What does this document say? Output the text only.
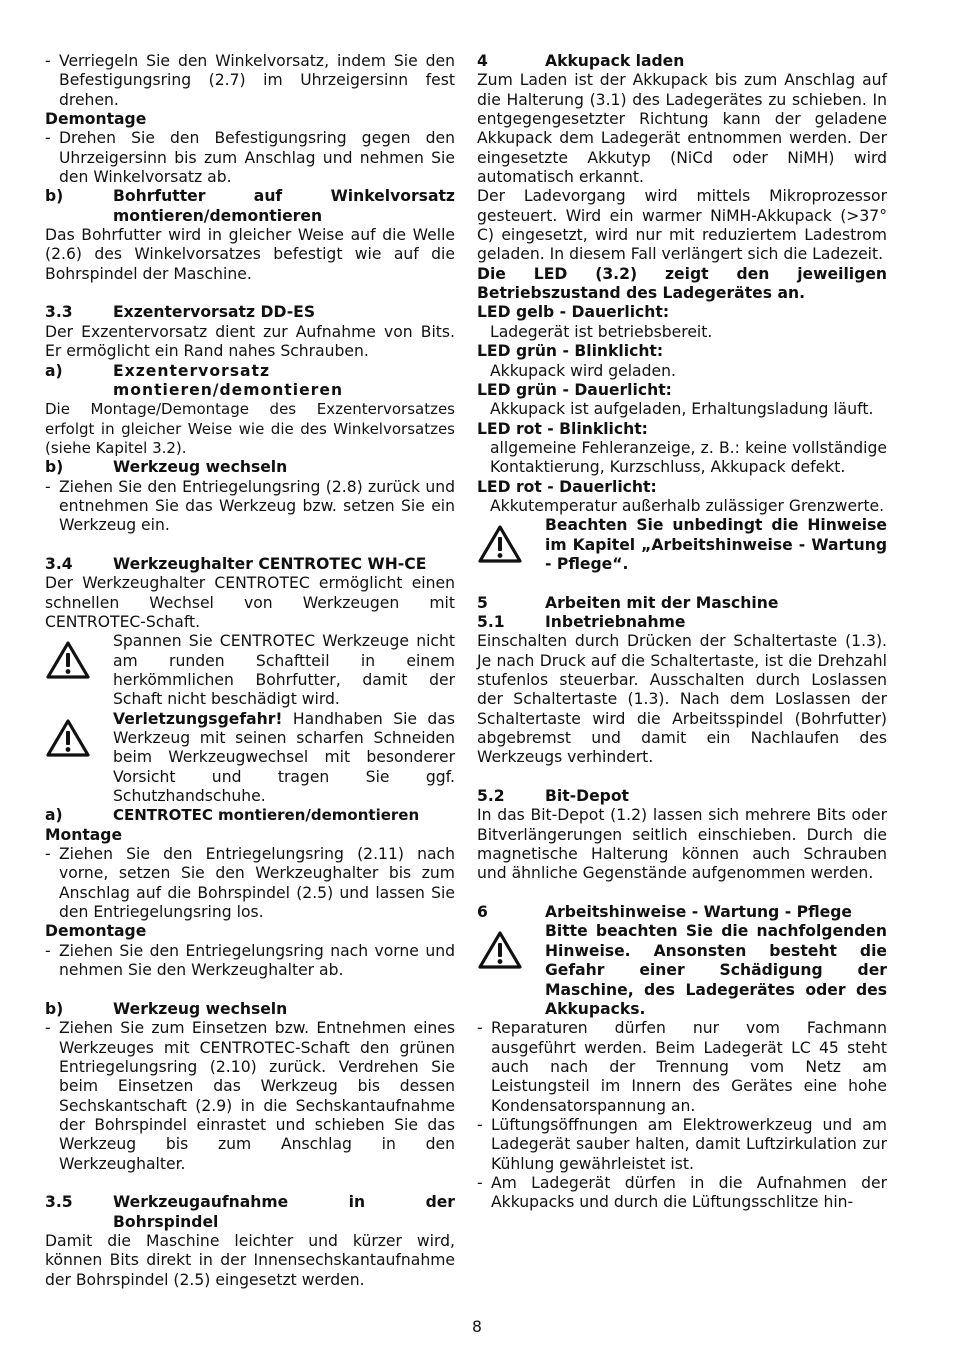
- Verriegeln Sie den Winkelvorsatz, indem Sie den Befestigungsring (2.7) im Uhrzeigersinn fest drehen.

Demontage

- Drehen Sie den Befestigungsring gegen den Uhrzeigersinn bis zum Anschlag und nehmen Sie den Winkelvorsatz ab.

b)	Bohrfutter auf Winkelvorsatz montieren/demontieren

Das Bohrfutter wird in gleicher Weise auf die Welle (2.6) des Winkelvorsatzes befestigt wie auf die Bohrspindel der Maschine.

3.3	Exzentervorsatz DD-ES

Der Exzentervorsatz dient zur Aufnahme von Bits. Er ermöglicht ein Rand nahes Schrauben.

a)	Exzentervorsatz montieren/demontieren

Die Montage/Demontage des Exzentervorsatzes erfolgt in gleicher Weise wie die des Winkelvorsatzes (siehe Kapitel 3.2).

b)	Werkzeug wechseln

- Ziehen Sie den Entriegelungsring (2.8) zurück und entnehmen Sie das Werkzeug bzw. setzen Sie ein Werkzeug ein.

3.4	Werkzeughalter CENTROTEC WH-CE

Der Werkzeughalter CENTROTEC ermöglicht einen schnellen Wechsel von Werkzeugen mit CENTROTEC-Schaft.

Spannen Sie CENTROTEC Werkzeuge nicht am runden Schaftteil in einem herkömmlichen Bohrfutter, damit der Schaft nicht beschädigt wird.
Verletzungsgefahr! Handhaben Sie das Werkzeug mit seinen scharfen Schneiden beim Werkzeugwechsel mit besonderer Vorsicht und tragen Sie ggf. Schutzhandschuhe.
a)	CENTROTEC montieren/demontieren

Montage

- Ziehen Sie den Entriegelungsring (2.11) nach vorne, setzen Sie den Werkzeughalter bis zum Anschlag auf die Bohrspindel (2.5) und lassen Sie den Entriegelungsring los.

Demontage

- Ziehen Sie den Entriegelungsring nach vorne und nehmen Sie den Werkzeughalter ab.

b)	Werkzeug wechseln

- Ziehen Sie zum Einsetzen bzw. Entnehmen eines Werkzeuges mit CENTROTEC-Schaft den grünen Entriegelungsring (2.10) zurück. Verdrehen Sie beim Einsetzen das Werkzeug bis dessen Sechskantschaft (2.9) in die Sechskantaufnahme der Bohrspindel einrastet und schieben Sie das Werkzeug bis zum Anschlag in den Werkzeughalter.

3.5	Werkzeugaufnahme in der Bohrspindel

Damit die Maschine leichter und kürzer wird, können Bits direkt in der Innensechskantaufnahme der Bohrspindel (2.5) eingesetzt werden.

4	Akkupack laden

Zum Laden ist der Akkupack bis zum Anschlag auf die Halterung (3.1) des Ladegerätes zu schieben. In entgegengesetzter Richtung kann der geladene Akkupack dem Ladegerät entnommen werden. Der eingesetzte Akkutyp (NiCd oder NiMH) wird automatisch erkannt.

Der Ladevorgang wird mittels Mikroprozessor gesteuert. Wird ein warmer NiMH-Akkupack (>37° C) eingesetzt, wird nur mit reduziertem Ladestrom geladen. In diesem Fall verlängert sich die Ladezeit.

Die LED (3.2) zeigt den jeweiligen Betriebszustand des Ladegerätes an.

LED gelb - Dauerlicht:

Ladegerät ist betriebsbereit.

LED grün - Blinklicht:

Akkupack wird geladen.

LED grün - Dauerlicht:

Akkupack ist aufgeladen, Erhaltungsladung läuft.

LED rot - Blinklicht:

allgemeine Fehleranzeige, z. B.: keine vollständige Kontaktierung, Kurzschluss, Akkupack defekt.

LED rot - Dauerlicht:

Akkutemperatur außerhalb zulässiger Grenzwerte.

Beachten Sie unbedingt die Hinweise im Kapitel „Arbeitshinweise - Wartung - Pflege“.
5	Arbeiten mit der Maschine
5.1	Inbetriebnahme

Einschalten durch Drücken der Schaltertaste (1.3). Je nach Druck auf die Schaltertaste, ist die Drehzahl stufenlos steuerbar. Ausschalten durch Loslassen der Schaltertaste (1.3). Nach dem Loslassen der Schaltertaste wird die Arbeitsspindel (Bohrfutter) abgebremst und damit ein Nachlaufen des Werkzeugs verhindert.

5.2	Bit-Depot

In das Bit-Depot (1.2) lassen sich mehrere Bits oder Bitverlängerungen seitlich einschieben. Durch die magnetische Halterung können auch Schrauben und ähnliche Gegenstände aufgenommen werden.

6	Arbeitshinweise - Wartung - Pflege
Bitte beachten Sie die nachfolgenden Hinweise. Ansonsten besteht die Gefahr einer Schädigung der Maschine, des Ladegerätes oder des Akkupacks.

- Reparaturen dürfen nur vom Fachmann ausgeführt werden. Beim Ladegerät LC 45 steht auch nach der Trennung vom Netz am Leistungsteil im Innern des Gerätes eine hohe Kondensatorspannung an.

- Lüftungsöffnungen am Elektrowerkzeug und am Ladegerät sauber halten, damit Luftzirkulation zur Kühlung gewährleistet ist.

- Am Ladegerät dürfen in die Aufnahmen der Akkupacks und durch die Lüftungsschlitze hin-

8
